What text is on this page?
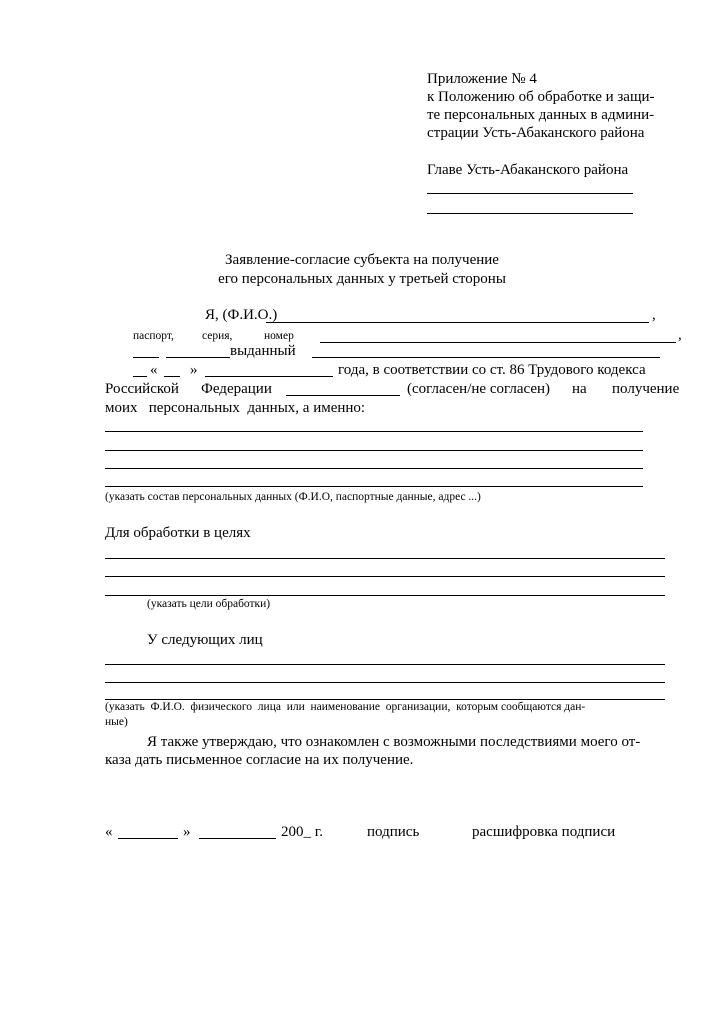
Приложение № 4
к Положению об обработке и защи-
те персональных данных в админи-
страции Усть-Абаканского района
Главе Усть-Абаканского района
Заявление-согласие субъекта на получение
его персональных данных у третьей стороны
Я, (Ф.И.О.)	,
паспорт, серия,	номер	,
выданный
« »	года, в соответствии со ст. 86 Трудового кодекса
Российской Федерации	(согласен/не согласен) на получение
моих   персональных  данных, а именно:
(указать состав персональных данных (Ф.И.О, паспортные данные, адрес ...)
Для обработки в целях
(указать цели обработки)
У следующих лиц
(указать  Ф.И.О.  физического  лица  или  наименование  организации,  которым сообщаются дан-
ные)
Я также утверждаю, что ознакомлен с возможными последствиями моего от-
каза дать письменное согласие на их получение.
«	»	200_ г.	подпись	расшифровка подписи
